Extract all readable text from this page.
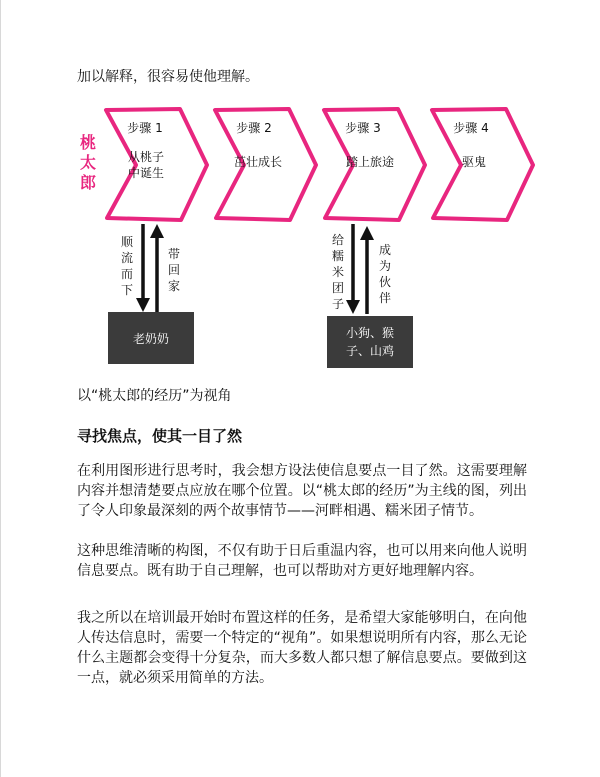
加以解释，很容易使他理解。
桃
太
郎
步骤 1
从桃子
中诞生
步骤 2
茁壮成长
步骤 3
踏上旅途
步骤 4
驱鬼
顺
流
而
下
带
回
家
给
糯
米
团
子
成
为
伙
伴
老奶奶	小狗、猴
子、山鸡
以“桃太郎的经历”为视角
寻找焦点，使其一目了然
在利用图形进行思考时，我会想方设法使信息要点一目了然。这需要理解内容并想清楚要点应放在哪个位置。以“桃太郎的经历”为主线的图，列出了令人印象最深刻的两个故事情节——河畔相遇、糯米团子情节。
这种思维清晰的构图，不仅有助于日后重温内容，也可以用来向他人说明信息要点。既有助于自己理解，也可以帮助对方更好地理解内容。
我之所以在培训最开始时布置这样的任务，是希望大家能够明白，在向他人传达信息时，需要一个特定的“视角”。如果想说明所有内容，那么无论什么主题都会变得十分复杂，而大多数人都只想了解信息要点。要做到这一点，就必须采用简单的方法。
